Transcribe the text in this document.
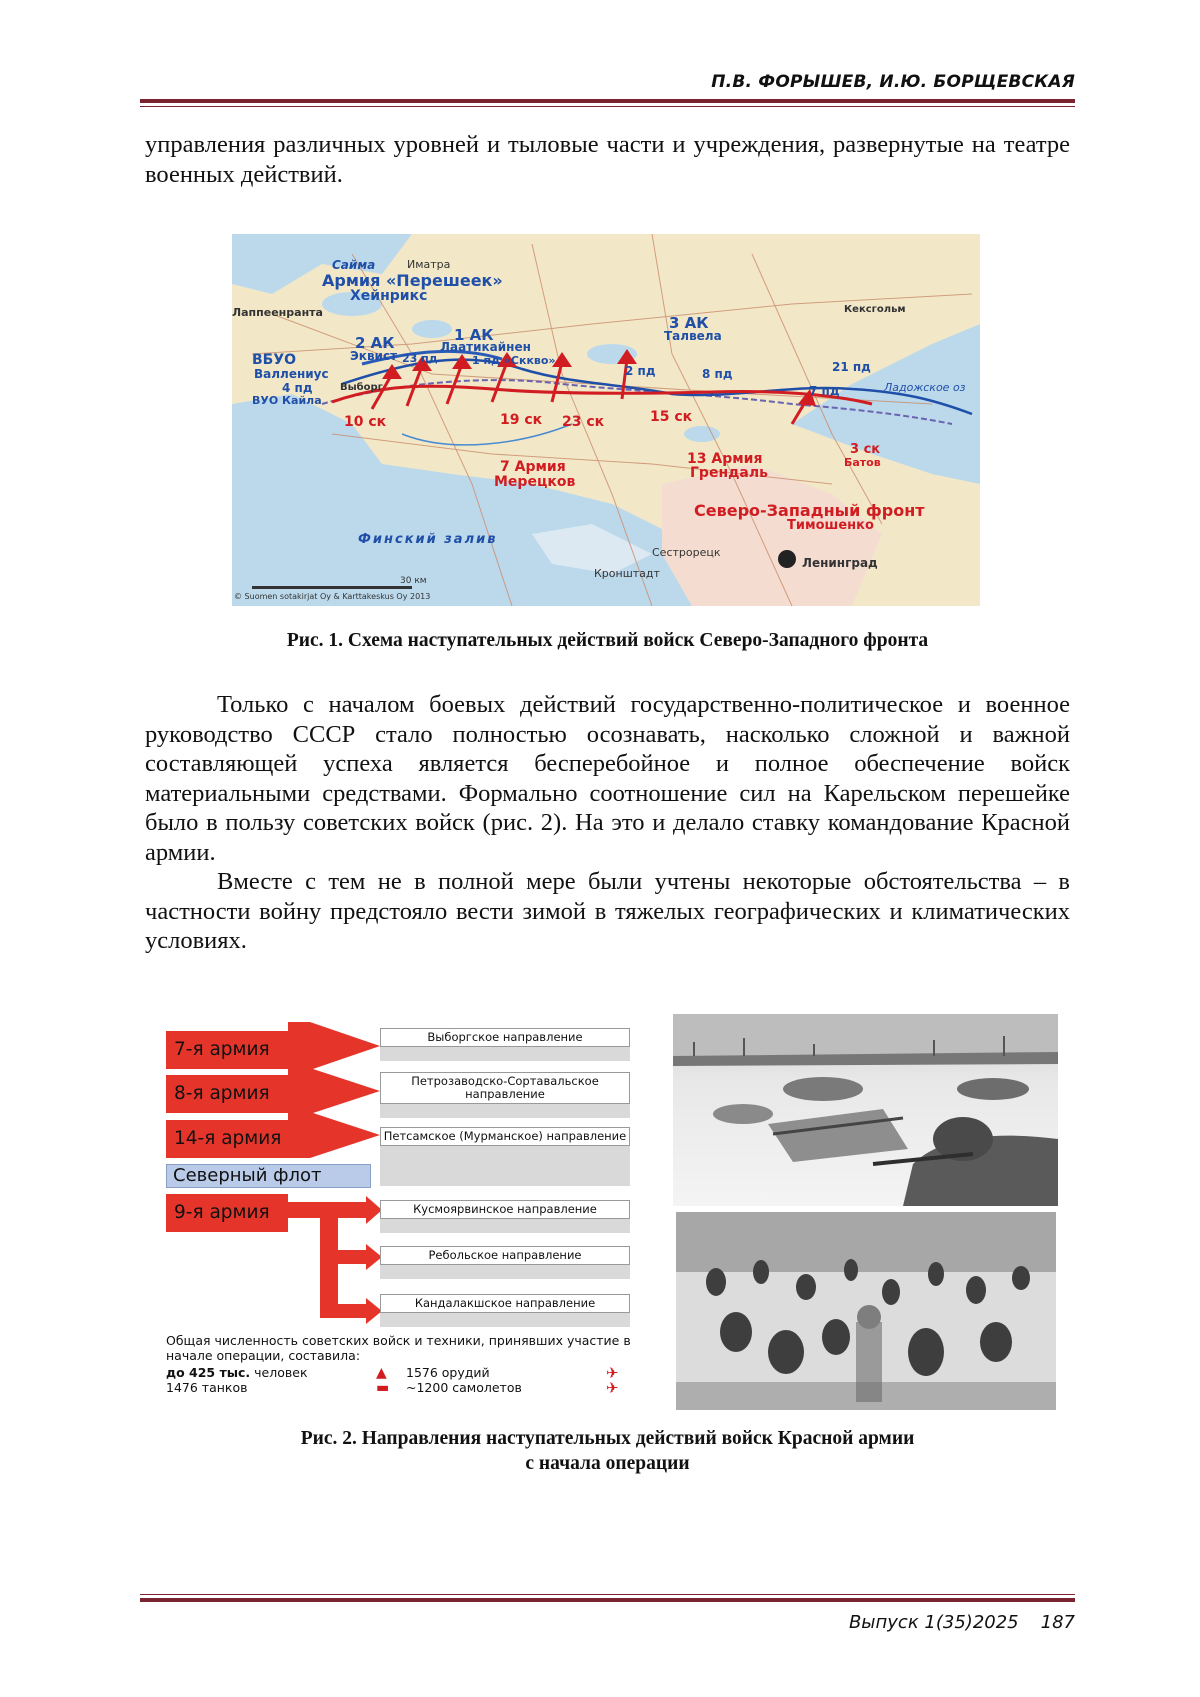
П.В. ФОРЫШЕВ, И.Ю. БОРЩЕВСКАЯ

управления различных уровней и тыловые части и учреждения, развернутые на театре военных действий.

Сайма	Иматра
Армия «Перешеек»
Хейнрикс
Лаппеенранта
1 АК
Лаатикайнен
2 АК
Эквист
3 АК
Талвела
ВБУО
Валлениус
4 пд
ВУО Кайла
23 пд	1 пд «Сккво»
2 пд	8 пд	21 пд
7 пд
Кексгольм
Выборг
10 ск	19 ск 23 ск	15 ск
3 ск
Батов
Ладожское оз
7 Армия
Мерецков
13 Армия
Грендаль
Северо-Западный фронт
Тимошенко
Финский залив
Сестрорецк
Кронштадт
Ленинград
30 км
© Suomen sotakirjat Oy & Karttakeskus Oy 2013
Рис. 1. Схема наступательных действий войск Северо-Западного фронта

Только с началом боевых действий государственно-политическое и военное руководство СССР стало полностью осознавать, насколько сложной и важной составляющей успеха является бесперебойное и полное обеспечение войск материальными средствами. Формально соотношение сил на Карельском перешейке было в пользу советских войск (рис. 2). На это и делало ставку командование Красной армии.

Вместе с тем не в полной мере были учтены некоторые обстоятельства – в частности войну предстояло вести зимой в тяжелых географических и климатических условиях.

7-я армия
8-я армия
14-я армия
Северный флот
9-я армия
Выборгское направление
Петрозаводско-Сортавальское направление
Петсамское (Мурманское) направление
Кусмоярвинское направление
Ребольское направление
Кандалакшское направление
Общая численность советских войск и техники, принявших участие в начале операции, составила:
до 425 тыс. человек
1476 танков
▲
▬
1576 орудий
~1200 самолетов
✈
✈
Рис. 2. Направления наступательных действий войск Красной армии
с начала операции
Выпуск 1(35)2025 187
